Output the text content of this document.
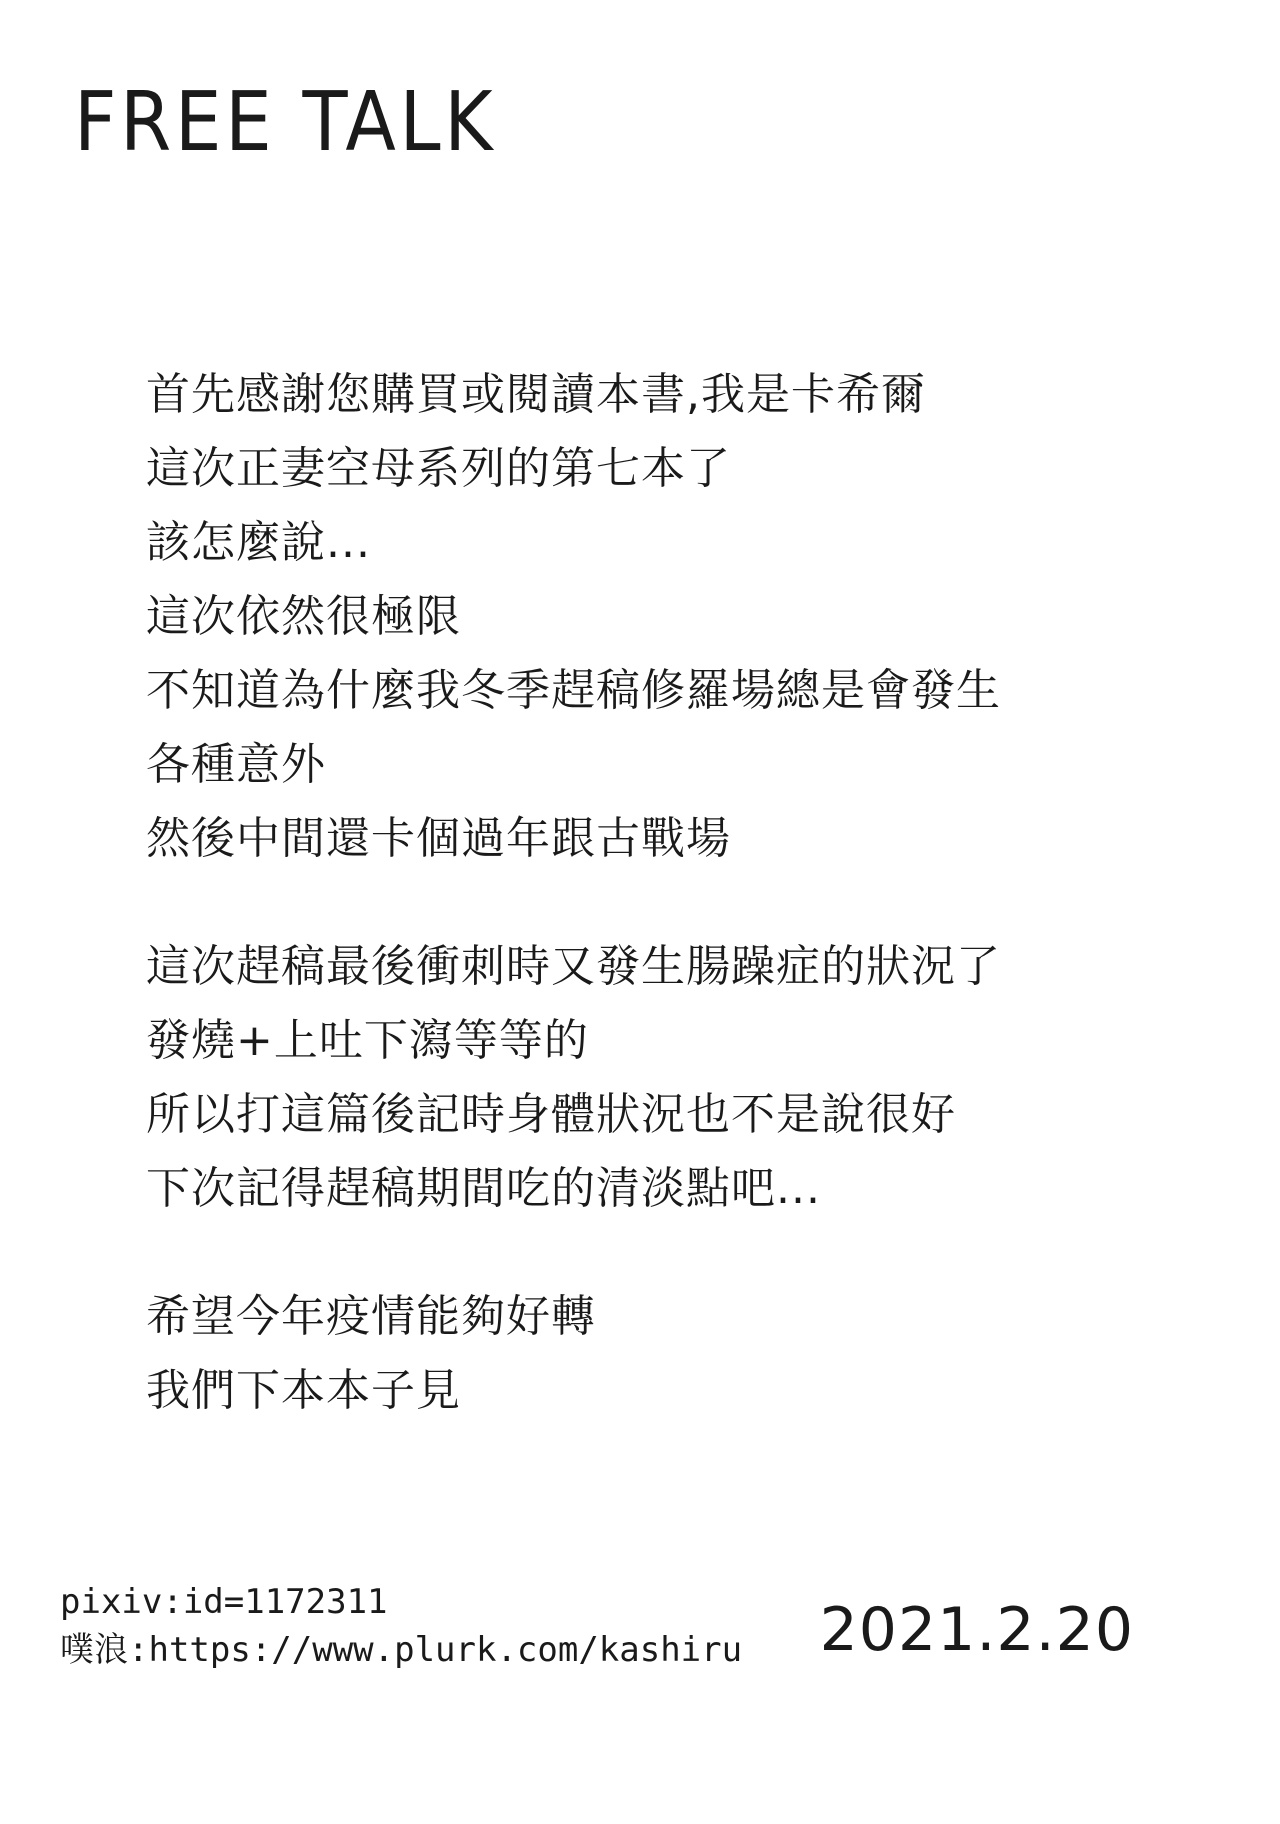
FREE TALK
首先感謝您購買或閱讀本書,我是卡希爾
這次正妻空母系列的第七本了
該怎麼說...
這次依然很極限
不知道為什麼我冬季趕稿修羅場總是會發生
各種意外
然後中間還卡個過年跟古戰場
這次趕稿最後衝刺時又發生腸躁症的狀況了
發燒+上吐下瀉等等的
所以打這篇後記時身體狀況也不是說很好
下次記得趕稿期間吃的清淡點吧...
希望今年疫情能夠好轉
我們下本本子見
pixiv:id=1172311
噗浪:https://www.plurk.com/kashiru 2021.2.20
